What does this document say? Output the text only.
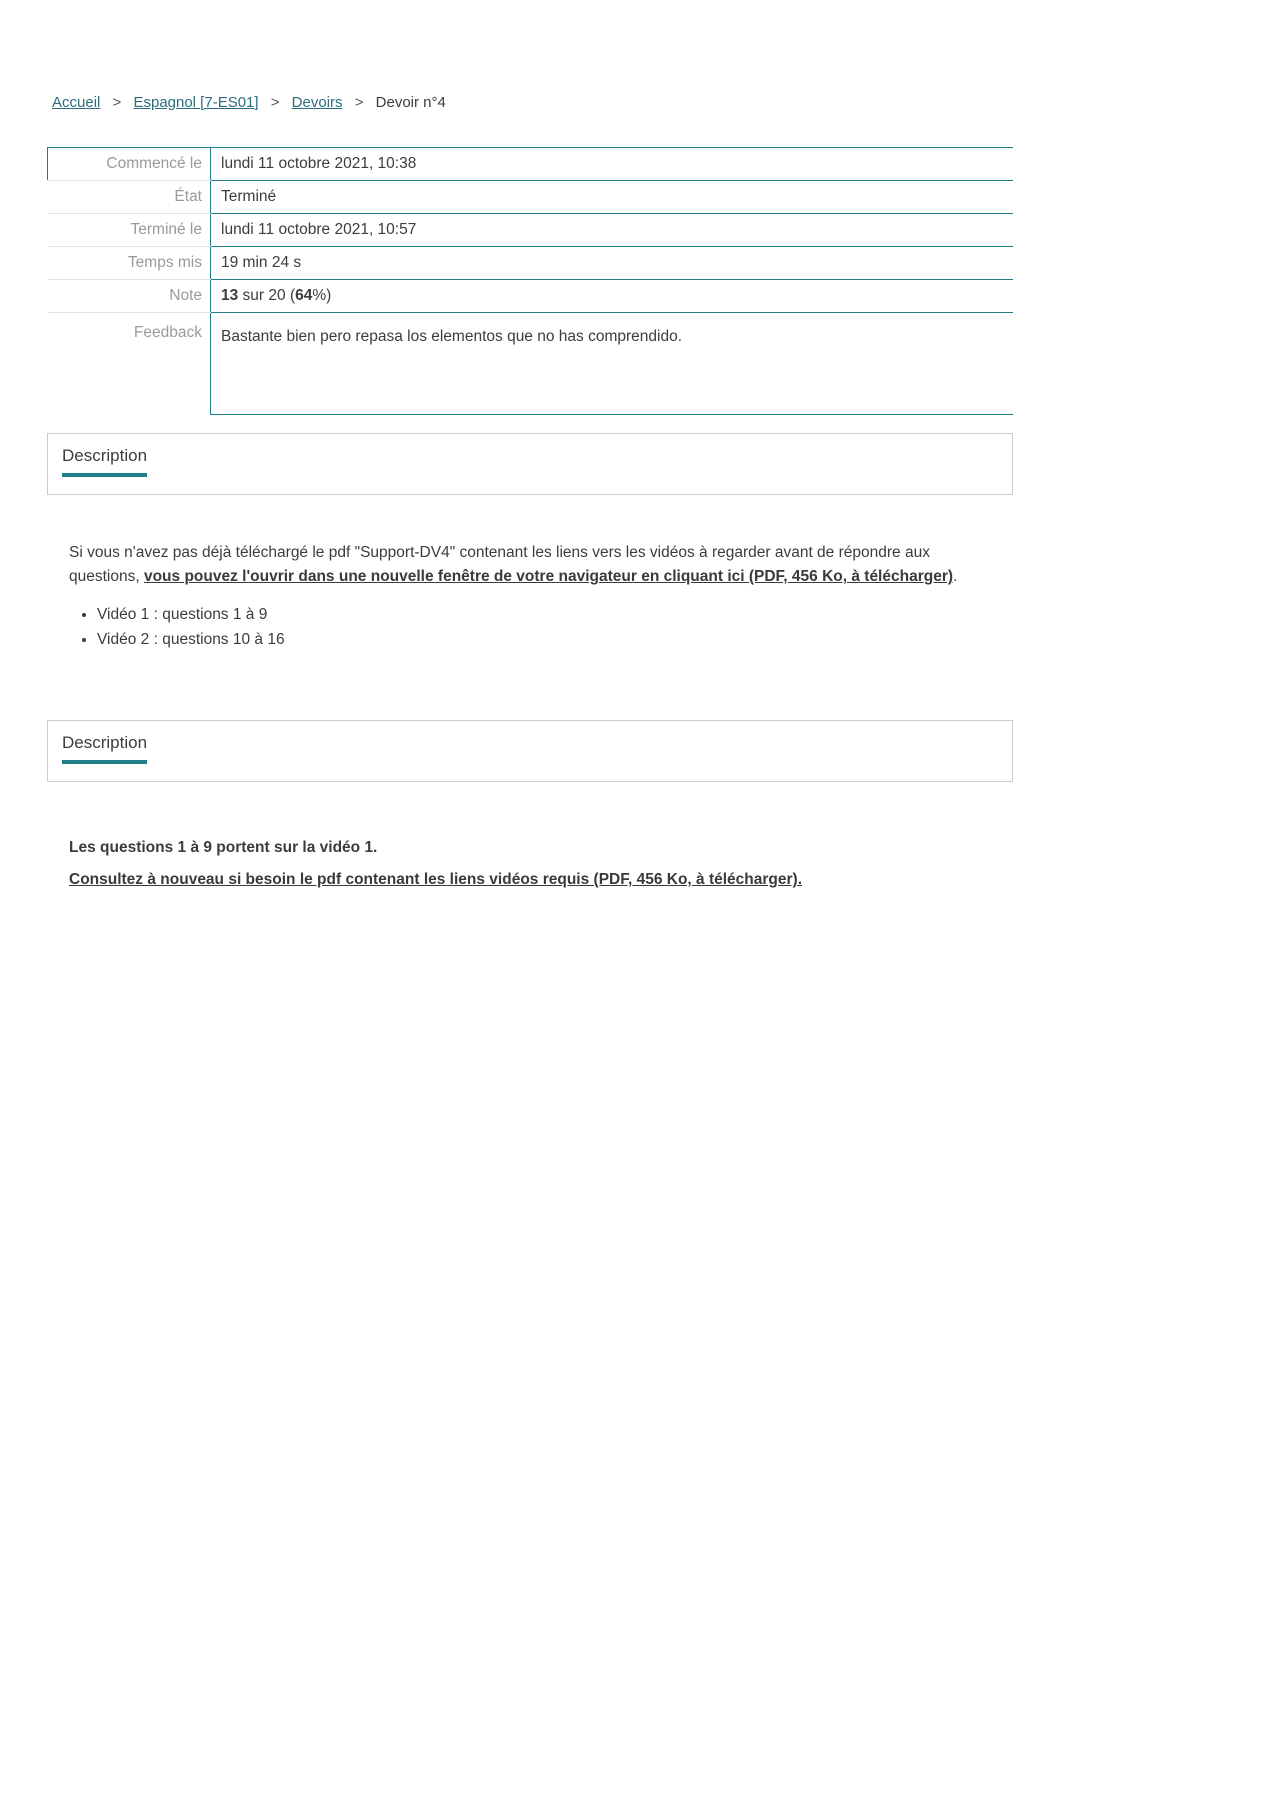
Accueil > Espagnol [7-ES01] > Devoirs > Devoir n°4
Commencé le	lundi 11 octobre 2021, 10:38
État	Terminé
Terminé le	lundi 11 octobre 2021, 10:57
Temps mis	19 min 24 s
Note	13 sur 20 (64%)
Feedback	Bastante bien pero repasa los elementos que no has comprendido.
Description

Si vous n'avez pas déjà téléchargé le pdf "Support-DV4" contenant les liens vers les vidéos à regarder avant de répondre aux questions, vous pouvez l'ouvrir dans une nouvelle fenêtre de votre navigateur en cliquant ici (PDF, 456 Ko, à télécharger).

• Vidéo 1 : questions 1 à 9
• Vidéo 2 : questions 10 à 16
Description

Les questions 1 à 9 portent sur la vidéo 1.

Consultez à nouveau si besoin le pdf contenant les liens vidéos requis (PDF, 456 Ko, à télécharger).
